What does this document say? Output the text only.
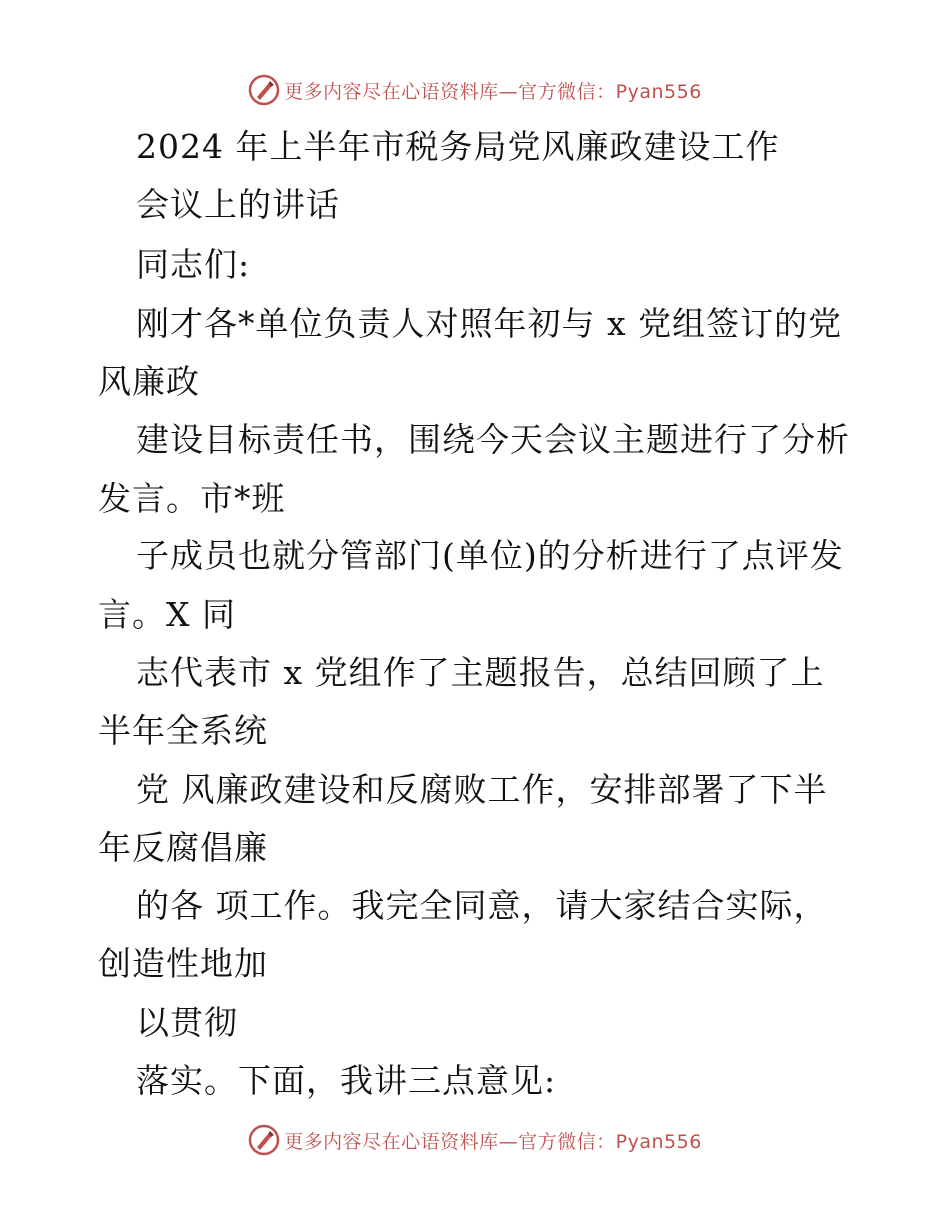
更多内容尽在心语资料库—官方微信：Pyan556
2024 年上半年市税务局党风廉政建设工作
会议上的讲话
同志们:
刚才各*单位负责人对照年初与 x 党组签订的党
风廉政
建设目标责任书，围绕今天会议主题进行了分析
发言。市*班
子成员也就分管部门(单位)的分析进行了点评发
言。X 同
志代表市 x 党组作了主题报告，总结回顾了上
半年全系统
党 风廉政建设和反腐败工作，安排部署了下半
年反腐倡廉
的各 项工作。我完全同意，请大家结合实际，
创造性地加
以贯彻
落实。下面，我讲三点意见:
更多内容尽在心语资料库—官方微信：Pyan556
